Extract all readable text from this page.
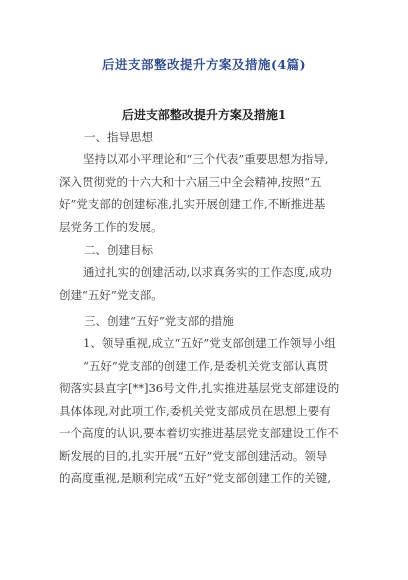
后进支部整改提升方案及措施(4篇)
后进支部整改提升方案及措施1
一、指导思想
坚持以邓小平理论和“三个代表”重要思想为指导,
深入贯彻党的十六大和十六届三中全会精神,按照“五
好”党支部的创建标准,扎实开展创建工作,不断推进基
层党务工作的发展。
二、创建目标
通过扎实的创建活动,以求真务实的工作态度,成功
创建“五好”党支部。
三、创建“五好”党支部的措施
1、领导重视,成立“五好”党支部创建工作领导小组
“五好”党支部的创建工作,是委机关党支部认真贯
彻落实县直字[**]36号文件,扎实推进基层党支部建设的
具体体现,对此项工作,委机关党支部成员在思想上要有
一个高度的认识,要本着切实推进基层党支部建设工作不
断发展的目的,扎实开展“五好”党支部创建活动。领导
的高度重视,是顺利完成“五好”党支部创建工作的关键,
